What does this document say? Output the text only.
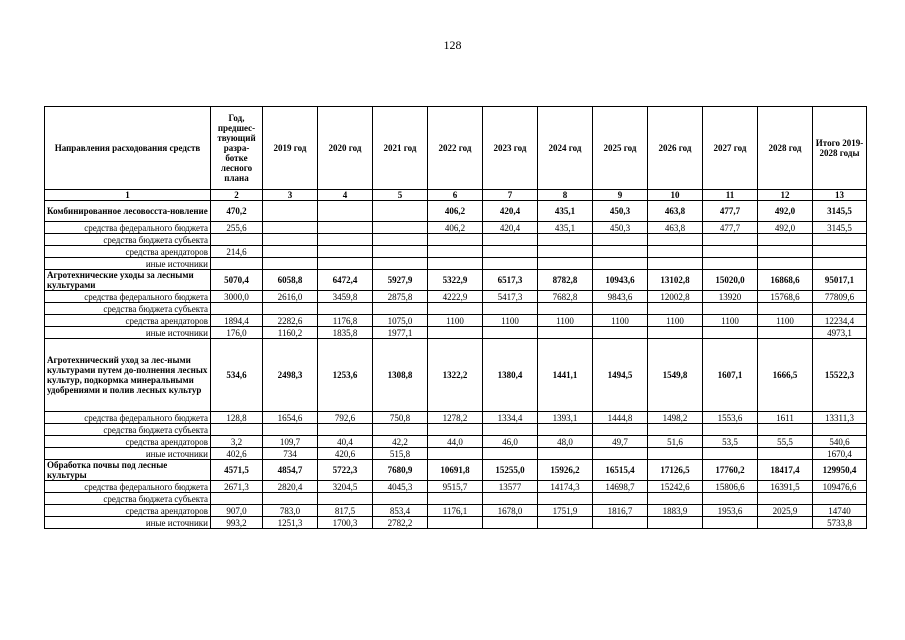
128
Направления расходования средств	Год, предшес-твующий разра-ботке лесного плана	2019 год	2020 год	2021 год	2022 год	2023 год	2024 год	2025 год	2026 год	2027 год	2028 год	Итого 2019-2028 годы
1	2	3	4	5	6	7	8	9	10	11	12	13
Комбинированное лесовосста-новление	470,2				406,2	420,4	435,1	450,3	463,8	477,7	492,0	3145,5
средства федерального бюджета	255,6				406,2	420,4	435,1	450,3	463,8	477,7	492,0	3145,5
средства бюджета субъекта												
средства арендаторов	214,6											
иные источники												
Агротехнические уходы за лесными культурами	5070,4	6058,8	6472,4	5927,9	5322,9	6517,3	8782,8	10943,6	13102,8	15020,0	16868,6	95017,1
средства федерального бюджета	3000,0	2616,0	3459,8	2875,8	4222,9	5417,3	7682,8	9843,6	12002,8	13920	15768,6	77809,6
средства бюджета субъекта												
средства арендаторов	1894,4	2282,6	1176,8	1075,0	1100	1100	1100	1100	1100	1100	1100	12234,4
иные источники	176,0	1160,2	1835,8	1977,1								4973,1
Агротехнический уход за лес-ными культурами путем до-полнения лесных культур, подкормка минеральными удобрениями и полив лесных культур	534,6	2498,3	1253,6	1308,8	1322,2	1380,4	1441,1	1494,5	1549,8	1607,1	1666,5	15522,3
средства федерального бюджета	128,8	1654,6	792,6	750,8	1278,2	1334,4	1393,1	1444,8	1498,2	1553,6	1611	13311,3
средства бюджета субъекта												
средства арендаторов	3,2	109,7	40,4	42,2	44,0	46,0	48,0	49,7	51,6	53,5	55,5	540,6
иные источники	402,6	734	420,6	515,8								1670,4
Обработка почвы под лесные культуры	4571,5	4854,7	5722,3	7680,9	10691,8	15255,0	15926,2	16515,4	17126,5	17760,2	18417,4	129950,4
средства федерального бюджета	2671,3	2820,4	3204,5	4045,3	9515,7	13577	14174,3	14698,7	15242,6	15806,6	16391,5	109476,6
средства бюджета субъекта												
средства арендаторов	907,0	783,0	817,5	853,4	1176,1	1678,0	1751,9	1816,7	1883,9	1953,6	2025,9	14740
иные источники	993,2	1251,3	1700,3	2782,2								5733,8
